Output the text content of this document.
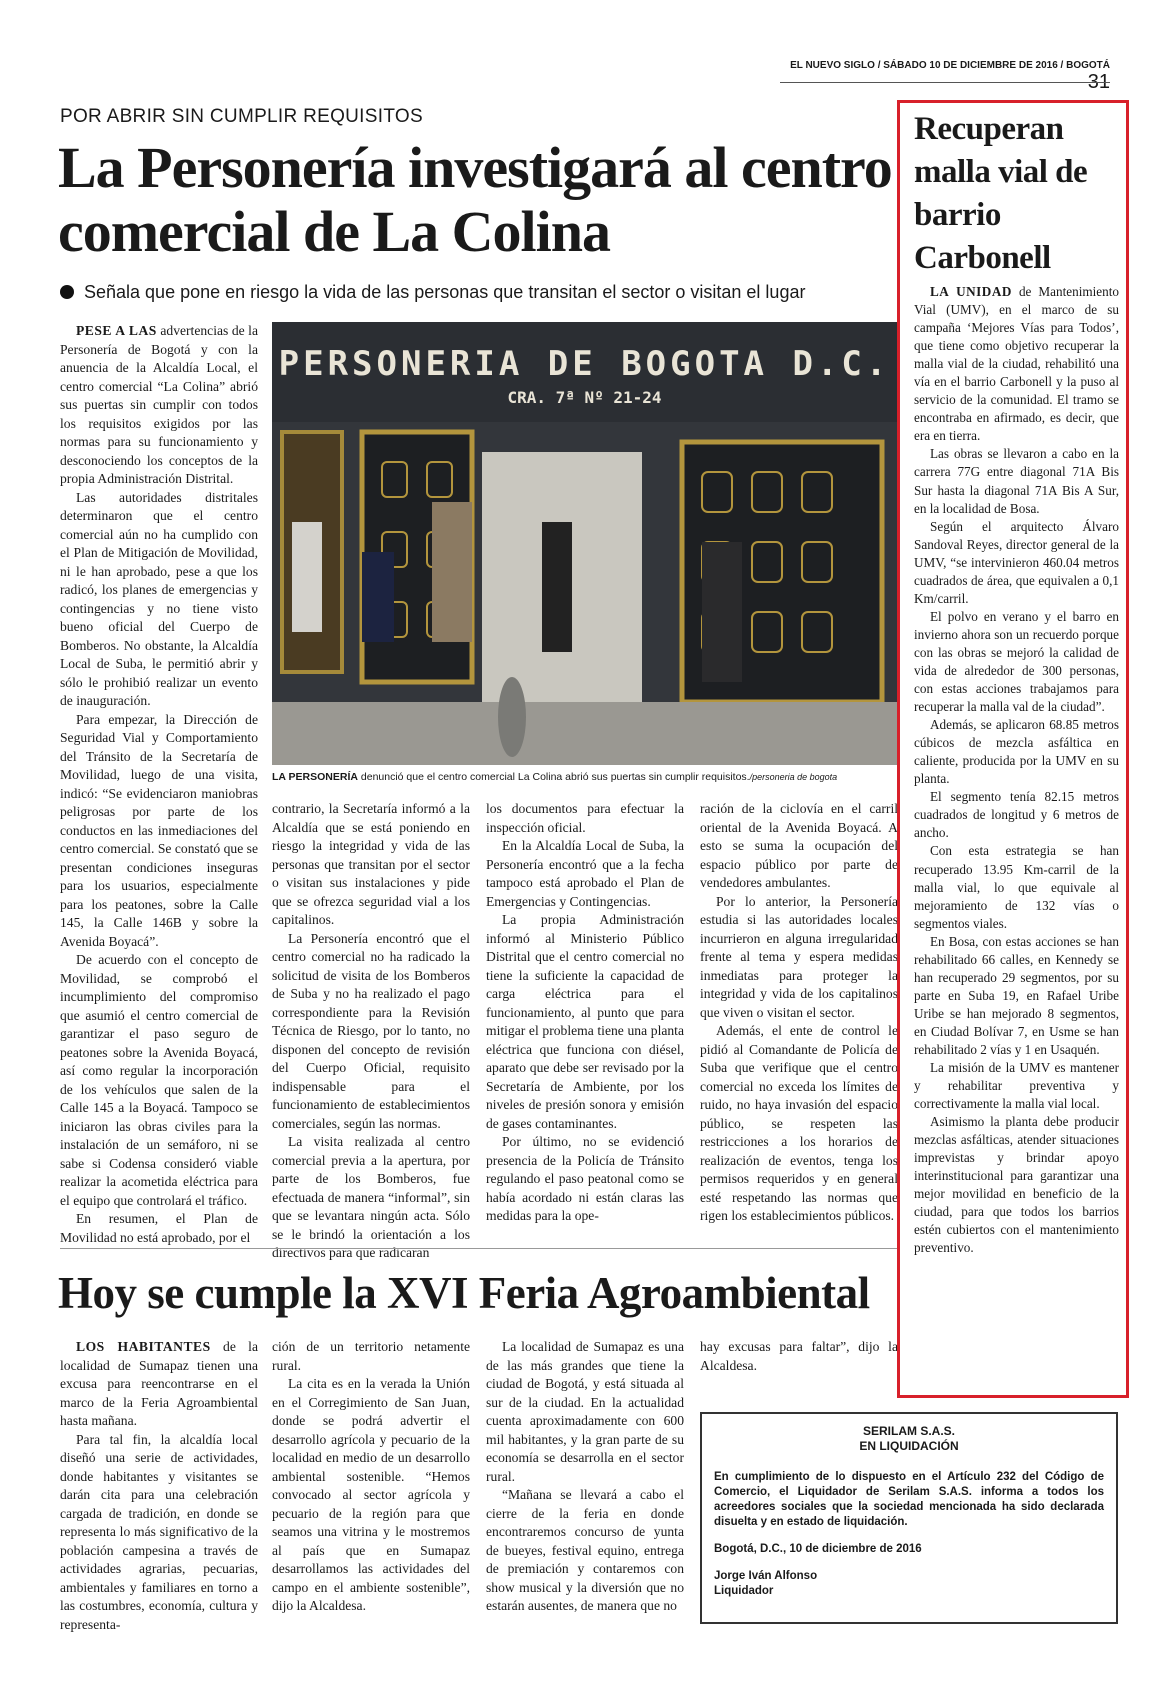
EL NUEVO SIGLO / SÁBADO 10 DE DICIEMBRE DE 2016 / BOGOTÁ 31
POR ABRIR SIN CUMPLIR REQUISITOS
La Personería investigará al centro comercial de La Colina
Señala que pone en riesgo la vida de las personas que transitan el sector o visitan el lugar

PESE A LAS advertencias de la Personería de Bogotá y con la anuencia de la Alcaldía Local, el centro comercial “La Colina” abrió sus puertas sin cumplir con todos los requisitos exigidos por las normas para su funcionamiento y desconociendo los conceptos de la propia Administración Distrital.

Las autoridades distritales determinaron que el centro comercial aún no ha cumplido con el Plan de Mitigación de Movilidad, ni le han aprobado, pese a que los radicó, los planes de emergencias y contingencias y no tiene visto bueno oficial del Cuerpo de Bomberos. No obstante, la Alcaldía Local de Suba, le permitió abrir y sólo le prohibió realizar un evento de inauguración.

Para empezar, la Dirección de Seguridad Vial y Comportamiento del Tránsito de la Secretaría de Movilidad, luego de una visita, indicó: “Se evidenciaron maniobras peligrosas por parte de los conductos en las inmediaciones del centro comercial. Se constató que se presentan condiciones inseguras para los usuarios, especialmente para los peatones, sobre la Calle 145, la Calle 146B y sobre la Avenida Boyacá”.

De acuerdo con el concepto de Movilidad, se comprobó el incumplimiento del compromiso que asumió el centro comercial de garantizar el paso seguro de peatones sobre la Avenida Boyacá, así como regular la incorporación de los vehículos que salen de la Calle 145 a la Boyacá. Tampoco se iniciaron las obras civiles para la instalación de un semáforo, ni se sabe si Codensa consideró viable realizar la acometida eléctrica para el equipo que controlará el tráfico.

En resumen, el Plan de Movilidad no está aprobado, por el

PERSONERIA DE BOGOTA D.C.
CRA. 7ª Nº 21-24
LA PERSONERÍA denunció que el centro comercial La Colina abrió sus puertas sin cumplir requisitos./personeria de bogota

contrario, la Secretaría informó a la Alcaldía que se está poniendo en riesgo la integridad y vida de las personas que transitan por el sector o visitan sus instalaciones y pide que se ofrezca seguridad vial a los capitalinos.

La Personería encontró que el centro comercial no ha radicado la solicitud de visita de los Bomberos de Suba y no ha realizado el pago correspondiente para la Revisión Técnica de Riesgo, por lo tanto, no disponen del concepto de revisión del Cuerpo Oficial, requisito indispensable para el funcionamiento de establecimientos comerciales, según las normas.

La visita realizada al centro comercial previa a la apertura, por parte de los Bomberos, fue efectuada de manera “informal”, sin que se levantara ningún acta. Sólo se le brindó la orientación a los directivos para que radicaran

los documentos para efectuar la inspección oficial.

En la Alcaldía Local de Suba, la Personería encontró que a la fecha tampoco está aprobado el Plan de Emergencias y Contingencias.

La propia Administración informó al Ministerio Público Distrital que el centro comercial no tiene la suficiente la capacidad de carga eléctrica para el funcionamiento, al punto que para mitigar el problema tiene una planta eléctrica que funciona con diésel, aparato que debe ser revisado por la Secretaría de Ambiente, por los niveles de presión sonora y emisión de gases contaminantes.

Por último, no se evidenció presencia de la Policía de Tránsito regulando el paso peatonal como se había acordado ni están claras las medidas para la ope-

ración de la ciclovía en el carril oriental de la Avenida Boyacá. A esto se suma la ocupación del espacio público por parte de vendedores ambulantes.

Por lo anterior, la Personería estudia si las autoridades locales incurrieron en alguna irregularidad frente al tema y espera medidas inmediatas para proteger la integridad y vida de los capitalinos que viven o visitan el sector.

Además, el ente de control le pidió al Comandante de Policía de Suba que verifique que el centro comercial no exceda los límites de ruido, no haya invasión del espacio público, se respeten las restricciones a los horarios de realización de eventos, tenga los permisos requeridos y en general esté respetando las normas que rigen los establecimientos públicos.

Hoy se cumple la XVI Feria Agroambiental

LOS HABITANTES de la localidad de Sumapaz tienen una excusa para reencontrarse en el marco de la Feria Agroambiental hasta mañana.

Para tal fin, la alcaldía local diseñó una serie de actividades, donde habitantes y visitantes se darán cita para una celebración cargada de tradición, en donde se representa lo más significativo de la población campesina a través de actividades agrarias, pecuarias, ambientales y familiares en torno a las costumbres, economía, cultura y representa-

ción de un territorio netamente rural.

La cita es en la verada la Unión en el Corregimiento de San Juan, donde se podrá advertir el desarrollo agrícola y pecuario de la localidad en medio de un desarrollo ambiental sostenible. “Hemos convocado al sector agrícola y pecuario de la región para que seamos una vitrina y le mostremos al país que en Sumapaz desarrollamos las actividades del campo en el ambiente sostenible”, dijo la Alcaldesa.

La localidad de Sumapaz es una de las más grandes que tiene la ciudad de Bogotá, y está situada al sur de la ciudad. En la actualidad cuenta aproximadamente con 600 mil habitantes, y la gran parte de su economía se desarrolla en el sector rural.

“Mañana se llevará a cabo el cierre de la feria en donde encontraremos concurso de yunta de bueyes, festival equino, entrega de premiación y contaremos con show musical y la diversión que no estarán ausentes, de manera que no

hay excusas para faltar”, dijo la Alcaldesa.

Recuperan malla vial de barrio Carbonell

LA UNIDAD de Mantenimiento Vial (UMV), en el marco de su campaña ‘Mejores Vías para Todos’, que tiene como objetivo recuperar la malla vial de la ciudad, rehabilitó una vía en el barrio Carbonell y la puso al servicio de la comunidad. El tramo se encontraba en afirmado, es decir, que era en tierra.

Las obras se llevaron a cabo en la carrera 77G entre diagonal 71A Bis Sur hasta la diagonal 71A Bis A Sur, en la localidad de Bosa.

Según el arquitecto Álvaro Sandoval Reyes, director general de la UMV, “se intervinieron 460.04 metros cuadrados de área, que equivalen a 0,1 Km/carril.

El polvo en verano y el barro en invierno ahora son un recuerdo porque con las obras se mejoró la calidad de vida de alrededor de 300 personas, con estas acciones trabajamos para recuperar la malla val de la ciudad”.

Además, se aplicaron 68.85 metros cúbicos de mezcla asfáltica en caliente, producida por la UMV en su planta.

El segmento tenía 82.15 metros cuadrados de longitud y 6 metros de ancho.

Con esta estrategia se han recuperado 13.95 Km-carril de la malla vial, lo que equivale al mejoramiento de 132 vías o segmentos viales.

En Bosa, con estas acciones se han rehabilitado 66 calles, en Kennedy se han recuperado 29 segmentos, por su parte en Suba 19, en Rafael Uribe Uribe se han mejorado 8 segmentos, en Ciudad Bolívar 7, en Usme se han rehabilitado 2 vías y 1 en Usaquén.

La misión de la UMV es mantener y rehabilitar preventiva y correctivamente la malla vial local.

Asimismo la planta debe producir mezclas asfálticas, atender situaciones imprevistas y brindar apoyo interinstitucional para garantizar una mejor movilidad en beneficio de la ciudad, para que todos los barrios estén cubiertos con el mantenimiento preventivo.

SERILAM S.A.S.
EN LIQUIDACIÓN
En cumplimiento de lo dispuesto en el Artículo 232 del Código de Comercio, el Liquidador de Serilam S.A.S. informa a todos los acreedores sociales que la sociedad mencionada ha sido declarada disuelta y en estado de liquidación.
Bogotá, D.C., 10 de diciembre de 2016
Jorge Iván Alfonso
Liquidador
